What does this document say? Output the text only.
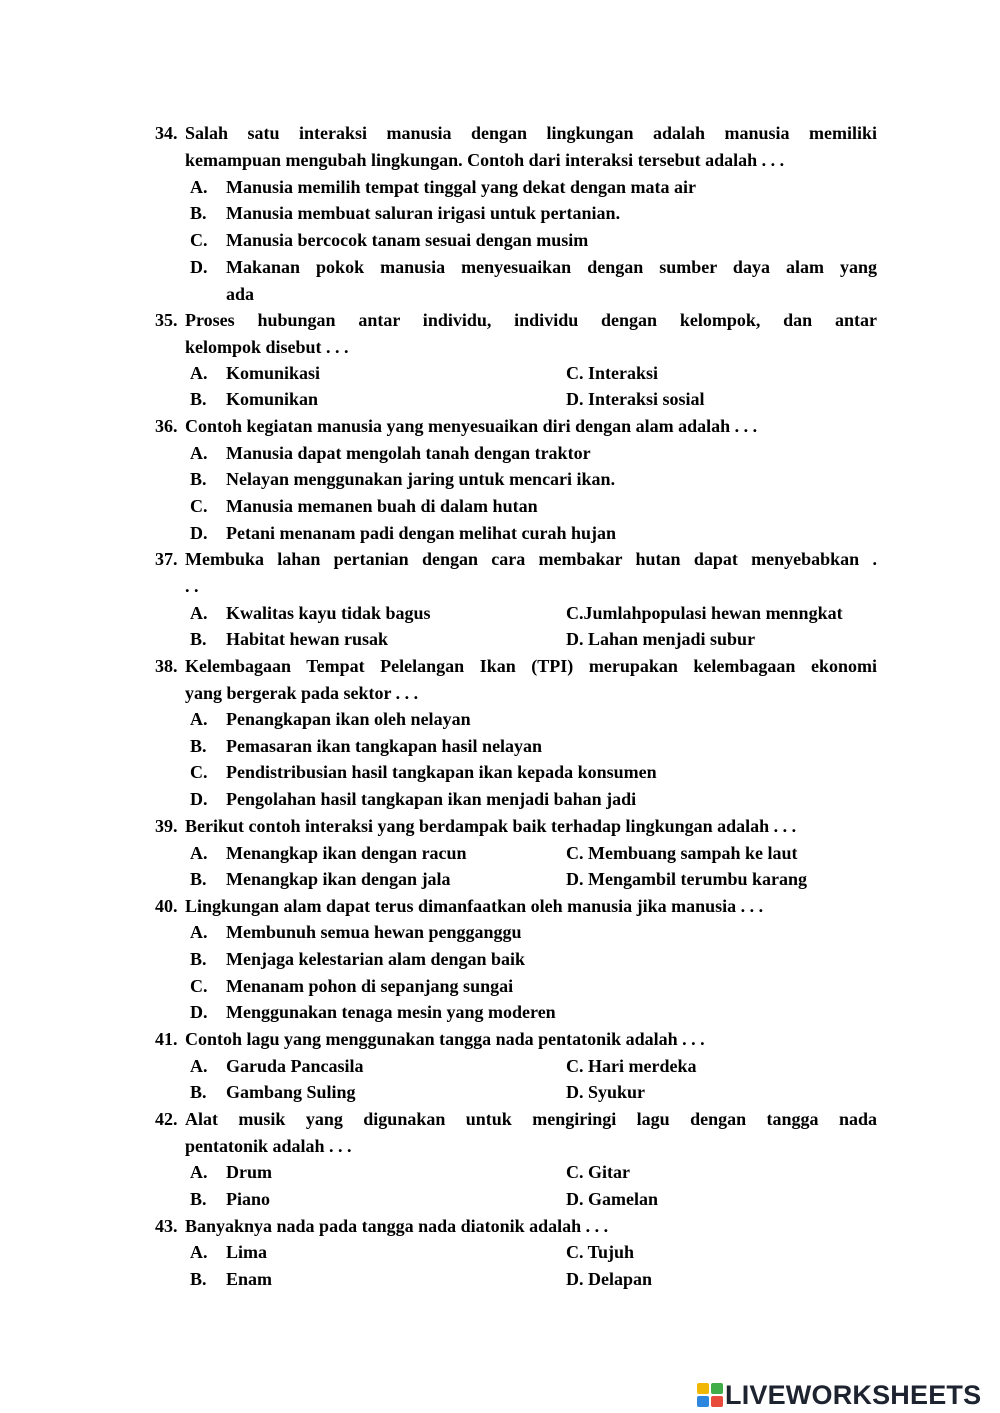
34. Salah satu interaksi manusia dengan lingkungan adalah manusia memiliki
kemampuan mengubah lingkungan. Contoh dari interaksi tersebut adalah . . .
A. Manusia memilih tempat tinggal yang dekat dengan mata air
B. Manusia membuat saluran irigasi untuk pertanian.
C. Manusia bercocok tanam sesuai dengan musim
D. Makanan pokok manusia menyesuaikan dengan sumber daya alam yang
ada
35. Proses hubungan antar individu, individu dengan kelompok, dan antar
kelompok disebut . . .
A. Komunikasi	C. Interaksi
B. Komunikan	D. Interaksi sosial
36. Contoh kegiatan manusia yang menyesuaikan diri dengan alam adalah . . .
A. Manusia dapat mengolah tanah dengan traktor
B. Nelayan menggunakan jaring untuk mencari ikan.
C. Manusia memanen buah di dalam hutan
D. Petani menanam padi dengan melihat curah hujan
37. Membuka lahan pertanian dengan cara membakar hutan dapat menyebabkan .
. .
A. Kwalitas kayu tidak bagus	C.Jumlahpopulasi hewan menngkat
B. Habitat hewan rusak	D. Lahan menjadi subur
38. Kelembagaan Tempat Pelelangan Ikan (TPI) merupakan kelembagaan ekonomi
yang bergerak pada sektor . . .
A. Penangkapan ikan oleh nelayan
B. Pemasaran ikan tangkapan hasil nelayan
C. Pendistribusian hasil tangkapan ikan kepada konsumen
D. Pengolahan hasil tangkapan ikan menjadi bahan jadi
39. Berikut contoh interaksi yang berdampak baik terhadap lingkungan adalah . . .
A. Menangkap ikan dengan racun	C. Membuang sampah ke laut
B. Menangkap ikan dengan jala	D. Mengambil terumbu karang
40. Lingkungan alam dapat terus dimanfaatkan oleh manusia jika manusia . . .
A. Membunuh semua hewan pengganggu
B. Menjaga kelestarian alam dengan baik
C. Menanam pohon di sepanjang sungai
D. Menggunakan tenaga mesin yang moderen
41. Contoh lagu yang menggunakan tangga nada pentatonik adalah . . .
A. Garuda Pancasila	C. Hari merdeka
B. Gambang Suling	D. Syukur
42. Alat musik yang digunakan untuk mengiringi lagu dengan tangga nada
pentatonik adalah . . .
A. Drum	C. Gitar
B. Piano	D. Gamelan
43. Banyaknya nada pada tangga nada diatonik adalah . . .
A. Lima	C. Tujuh
B. Enam	D. Delapan
LIVEWORKSHEETS
